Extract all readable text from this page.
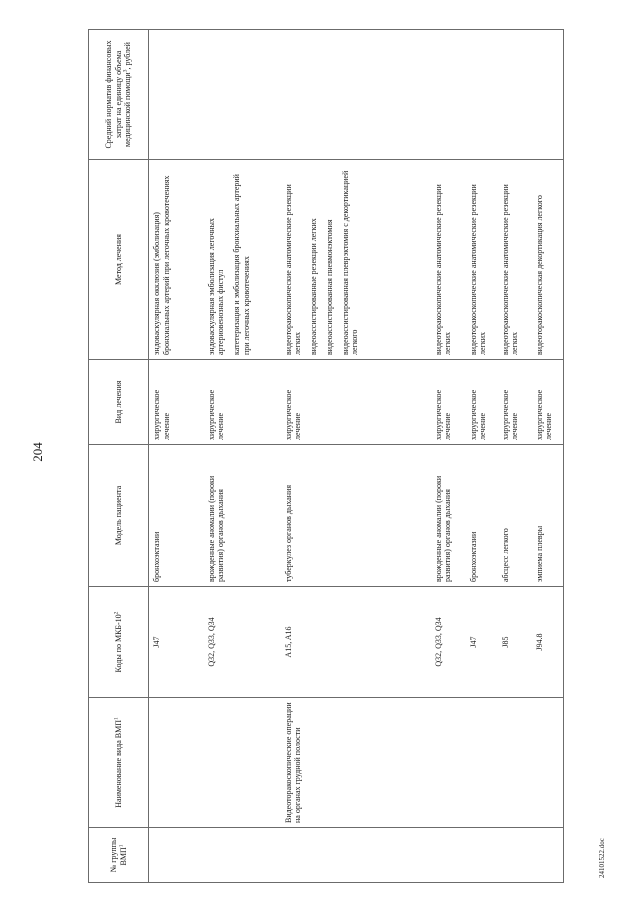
204
№ группы ВМП$^1$	Наименование вида ВМП$^1$	Коды по МКБ-$10^2$	Модель пациента	Вид лечения	Метод лечения	Средний норматив финансовых затрат на единицу объема медицинской помощи$^3$, рублей
		J47	бронхоэктазии	хирургическое лечение	эндоваскулярная окклюзия (эмболизация) бронхиальных артерий при легочных кровотечениях	

		Q32, Q33, Q34	врожденные аномалии (пороки развития) органов дыхания	хирургическое лечение	эндоваскулярная эмболизация легочных артериовенозных фистул катетеризация и эмболизация бронхиальных артерий при легочных кровотечениях	

	Видеоторакоскопические операции на органах грудной полости	A15, A16	туберкулез органов дыхания	хирургическое лечение	видеоторакоскопические анатомические резекции легких видеоассистированные резекции легких видеоассистированная пневмонэктомия видеоассистированная плеврэктомия с декортикацией легкого	

		Q32, Q33, Q34	врожденные аномалии (пороки развития) органов дыхания	хирургическое лечение	видеоторакоскопические анатомические резекции легких	

		J47	бронхоэктазии	хирургическое лечение	видеоторакоскопические анатомические резекции легких	

		J85	абсцесс легкого	хирургическое лечение	видеоторакоскопические анатомические резекции легких	

		J94.8	эмпиема плевры	хирургическое лечение	видеоторакоскопическая декортикация легкого	

24101522.doc
